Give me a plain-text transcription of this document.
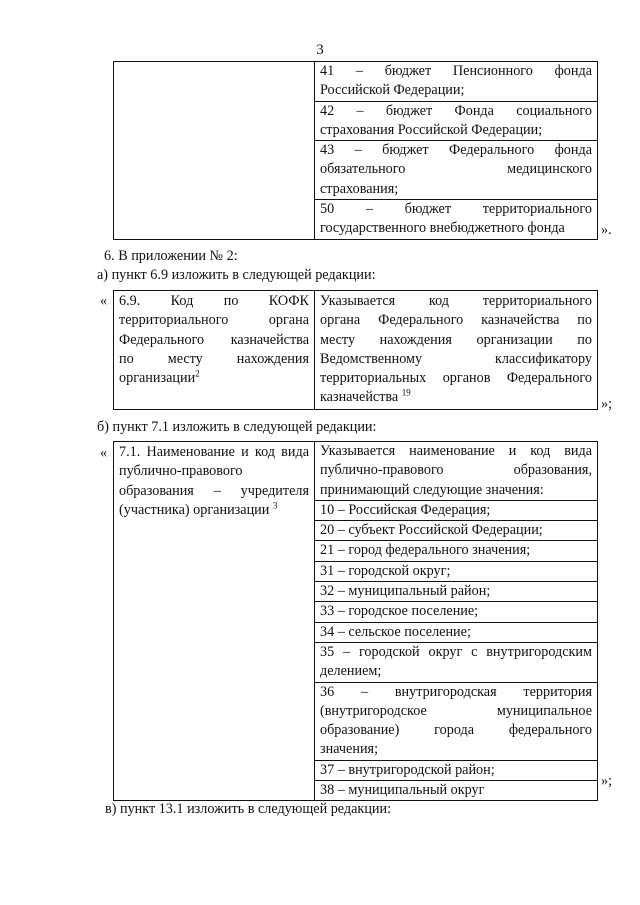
3

41 – бюджет Пенсионного фонда
Российской Федерации;
42 – бюджет Фонда социального
страхования Российской Федерации;
43 – бюджет Федерального фонда
обязательного медицинского
страхования;
50 – бюджет территориального
государственного внебюджетного фонда	».
6. В приложении № 2:
а) пункт 6.9 изложить в следующей редакции:
« 6.9. Код по КОФК
территориального органа
Федерального казначейства
по месту нахождения
организации$^2$

Указывается код территориального
органа Федерального казначейства по
месту нахождения организации по
Ведомственному классификатору
территориальных органов Федерального
казначейства $^{19}$
»;
б) пункт 7.1 изложить в следующей редакции:
« 7.1. Наименование и код вида
публично-правового
образования – учредителя
(участника) организации $^3$

Указывается наименование и код вида
публично-правового образования,
принимающий следующие значения:
10 – Российская Федерация;
20 – субъект Российской Федерации;
21 – город федерального значения;
31 – городской округ;
32 – муниципальный район;
33 – городское поселение;
34 – сельское поселение;
35 – городской округ с внутригородским
делением;
36 – внутригородская территория
(внутригородское муниципальное
образование) города федерального
значения;
37 – внутригородской район;
38 – муниципальный округ
»;
в) пункт 13.1 изложить в следующей редакции:
